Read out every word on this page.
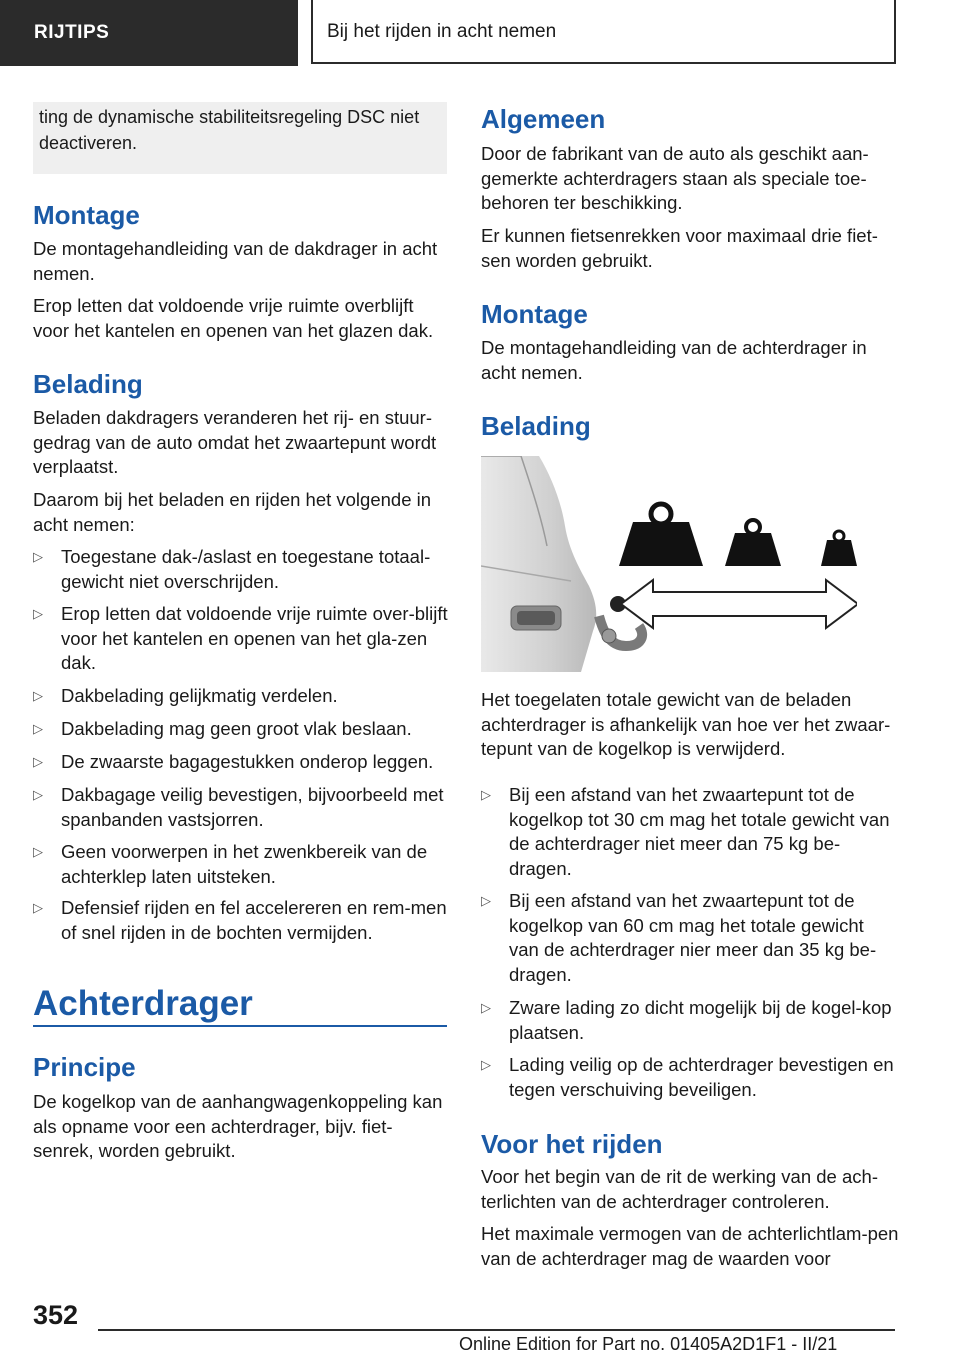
RIJTIPS	Bij het rijden in acht nemen
ting de dynamische stabiliteitsregeling DSC niet deactiveren.
Montage

De montagehandleiding van de dakdrager in acht nemen.

Erop letten dat voldoende vrije ruimte overblijft voor het kantelen en openen van het glazen dak.

Belading

Beladen dakdragers veranderen het rij- en stuur-gedrag van de auto omdat het zwaartepunt wordt verplaatst.

Daarom bij het beladen en rijden het volgende in acht nemen:

▷ Toegestane dak-/aslast en toegestane totaal-gewicht niet overschrijden.
▷ Erop letten dat voldoende vrije ruimte over-blijft voor het kantelen en openen van het gla-zen dak.
▷ Dakbelading gelijkmatig verdelen.
▷ Dakbelading mag geen groot vlak beslaan.
▷ De zwaarste bagagestukken onderop leggen.
▷ Dakbagage veilig bevestigen, bijvoorbeeld met spanbanden vastsjorren.
▷ Geen voorwerpen in het zwenkbereik van de achterklep laten uitsteken.
▷ Defensief rijden en fel accelereren en rem-men of snel rijden in de bochten vermijden.
Achterdrager
Principe

De kogelkop van de aanhangwagenkoppeling kan als opname voor een achterdrager, bijv. fiet-senrek, worden gebruikt.

Algemeen

Door de fabrikant van de auto als geschikt aan-gemerkte achterdragers staan als speciale toe-behoren ter beschikking.

Er kunnen fietsenrekken voor maximaal drie fiet-sen worden gebruikt.

Montage

De montagehandleiding van de achterdrager in acht nemen.

Belading

Het toegelaten totale gewicht van de beladen achterdrager is afhankelijk van hoe ver het zwaar-tepunt van de kogelkop is verwijderd.

▷ Bij een afstand van het zwaartepunt tot de kogelkop tot 30 cm mag het totale gewicht van de achterdrager niet meer dan 75 kg be-dragen.
▷ Bij een afstand van het zwaartepunt tot de kogelkop van 60 cm mag het totale gewicht van de achterdrager nier meer dan 35 kg be-dragen.
▷ Zware lading zo dicht mogelijk bij de kogel-kop plaatsen.
▷ Lading veilig op de achterdrager bevestigen en tegen verschuiving beveiligen.
Voor het rijden

Voor het begin van de rit de werking van de ach-terlichten van de achterdrager controleren.

Het maximale vermogen van de achterlichtlam-pen van de achterdrager mag de waarden voor

352
Online Edition for Part no. 01405A2D1F1 - II/21
